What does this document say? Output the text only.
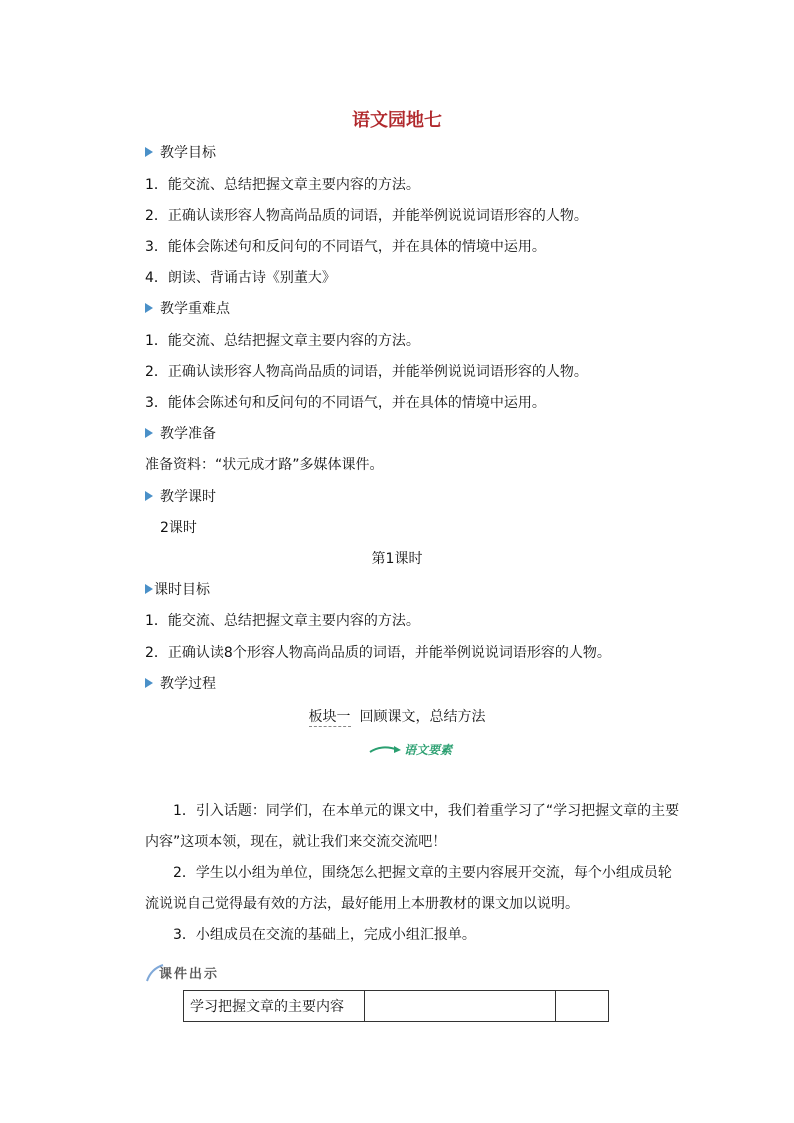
语文园地七
教学目标
1．能交流、总结把握文章主要内容的方法。
2．正确认读形容人物高尚品质的词语，并能举例说说词语形容的人物。
3．能体会陈述句和反问句的不同语气，并在具体的情境中运用。
4．朗读、背诵古诗《别董大》
教学重难点
1．能交流、总结把握文章主要内容的方法。
2．正确认读形容人物高尚品质的词语，并能举例说说词语形容的人物。
3．能体会陈述句和反问句的不同语气，并在具体的情境中运用。
教学准备
准备资料：“状元成才路”多媒体课件。
教学课时
2课时
第1课时
课时目标
1．能交流、总结把握文章主要内容的方法。
2．正确认读8个形容人物高尚品质的词语，并能举例说说词语形容的人物。
教学过程
板块一 回顾课文，总结方法
语文要素
1．引入话题：同学们，在本单元的课文中，我们着重学习了“学习把握文章的主要内容”这项本领，现在，就让我们来交流交流吧！
2．学生以小组为单位，围绕怎么把握文章的主要内容展开交流，每个小组成员轮流说说自己觉得最有效的方法，最好能用上本册教材的课文加以说明。
3．小组成员在交流的基础上，完成小组汇报单。
课件出示
学习把握文章的主要内容		
